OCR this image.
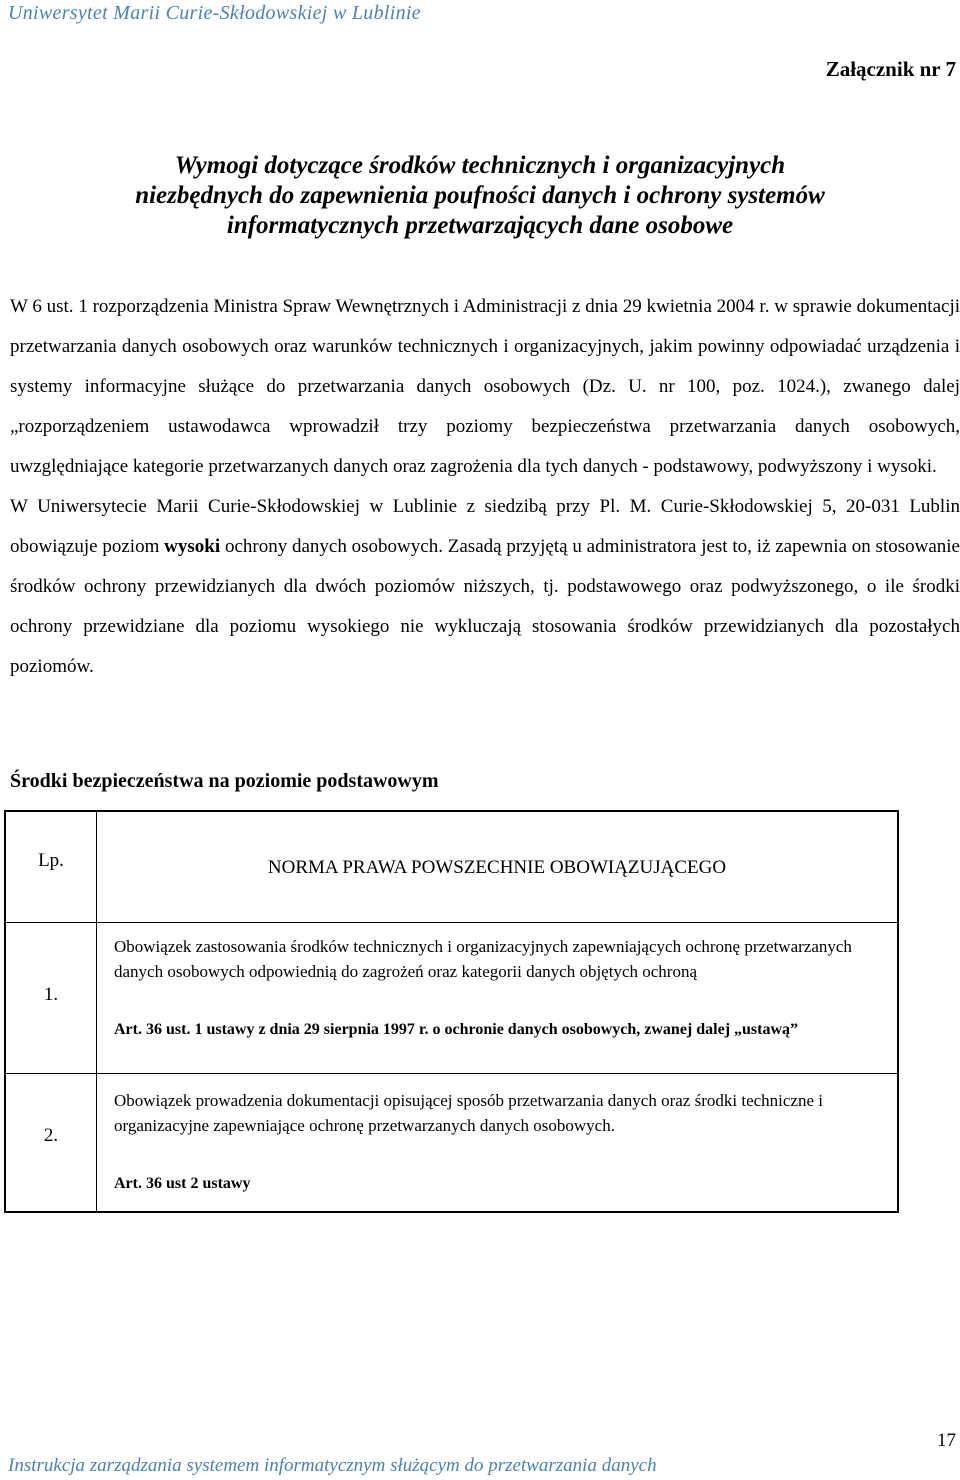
Uniwersytet Marii Curie-Skłodowskiej w Lublinie
Załącznik nr 7
Wymogi dotyczące środków technicznych i organizacyjnych
niezbędnych do zapewnienia poufności danych i ochrony systemów
informatycznych przetwarzających dane osobowe

W 6 ust. 1 rozporządzenia Ministra Spraw Wewnętrznych i Administracji z dnia 29 kwietnia 2004 r. w sprawie dokumentacji przetwarzania danych osobowych oraz warunków technicznych i organizacyjnych, jakim powinny odpowiadać urządzenia i systemy informacyjne służące do przetwarzania danych osobowych (Dz. U. nr 100, poz. 1024.), zwanego dalej „rozporządzeniem ustawodawca wprowadził trzy poziomy bezpieczeństwa przetwarzania danych osobowych, uwzględniające kategorie przetwarzanych danych oraz zagrożenia dla tych danych - podstawowy, podwyższony i wysoki.

W Uniwersytecie Marii Curie-Skłodowskiej w Lublinie z siedzibą przy Pl. M. Curie-Skłodowskiej 5, 20-031 Lublin obowiązuje poziom wysoki ochrony danych osobowych. Zasadą przyjętą u administratora jest to, iż zapewnia on stosowanie środków ochrony przewidzianych dla dwóch poziomów niższych, tj. podstawowego oraz podwyższonego, o ile środki ochrony przewidziane dla poziomu wysokiego nie wykluczają stosowania środków przewidzianych dla pozostałych poziomów.

Środki bezpieczeństwa na poziomie podstawowym
Lp.	NORMA PRAWA POWSZECHNIE OBOWIĄZUJĄCEGO
1.
Obowiązek zastosowania środków technicznych i organizacyjnych zapewniających ochronę przetwarzanych danych osobowych odpowiednią do zagrożeń oraz kategorii danych objętych ochroną
Art. 36 ust. 1 ustawy z dnia 29 sierpnia 1997 r. o ochronie danych osobowych, zwanej dalej „ustawą”
2.
Obowiązek prowadzenia dokumentacji opisującej sposób przetwarzania danych oraz środki techniczne i organizacyjne zapewniające ochronę przetwarzanych danych osobowych.
Art. 36 ust 2 ustawy
17
Instrukcja zarządzania systemem informatycznym służącym do przetwarzania danych
